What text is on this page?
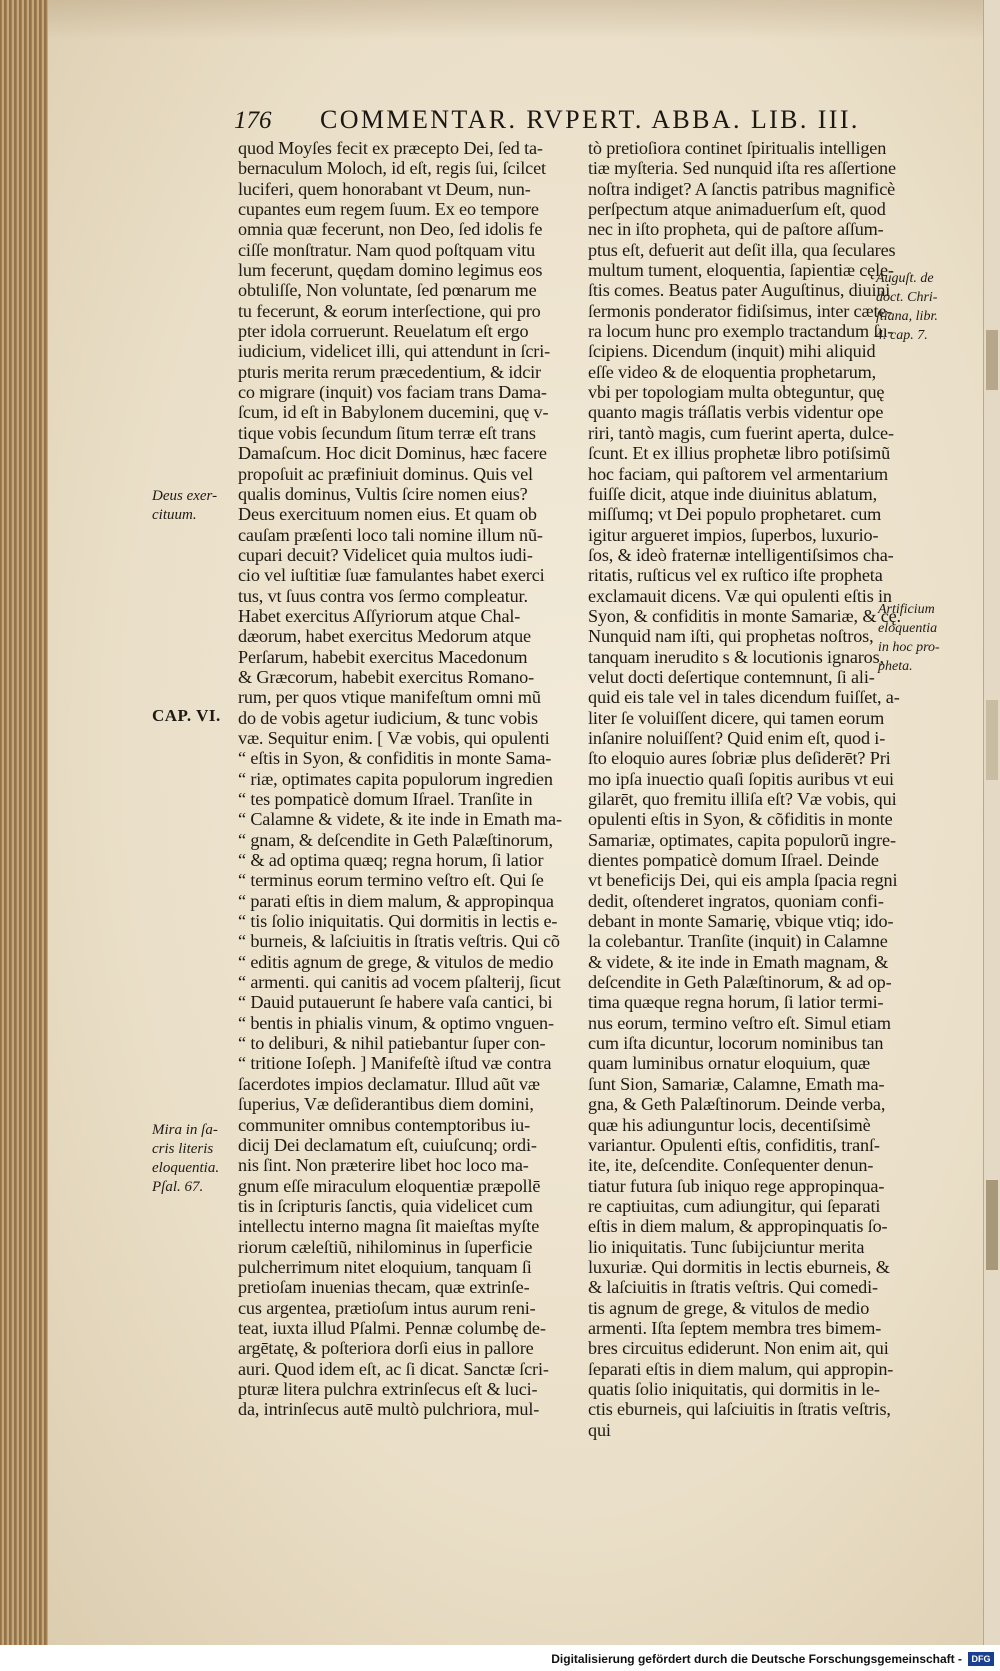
176 COMMENTAR. RVPERT. ABBA. LIB. III.
quod Moyſes fecit ex præcepto Dei, ſed ta-
bernaculum Moloch, id eſt, regis ſui, ſcilcet
luciferi, quem honorabant vt Deum, nun-
cupantes eum regem ſuum. Ex eo tempore
omnia quæ fecerunt, non Deo, ſed idolis fe
ciſſe monſtratur. Nam quod poſtquam vitu
lum fecerunt, quędam domino legimus eos
obtuliſſe, Non voluntate, ſed pœnarum me
tu fecerunt, & eorum interſectione, qui pro
pter idola corruerunt. Reuelatum eſt ergo
iudicium, videlicet illi, qui attendunt in ſcri-
pturis merita rerum præcedentium, & idcir
co migrare (inquit) vos faciam trans Dama-
ſcum, id eſt in Babylonem ducemini, quę v-
tique vobis ſecundum ſitum terræ eſt trans
Damaſcum. Hoc dicit Dominus, hæc facere
propoſuit ac præfiniuit dominus. Quis vel
qualis dominus, Vultis ſcire nomen eius?
Deus exercituum nomen eius. Et quam ob
cauſam præſenti loco tali nomine illum nũ-
cupari decuit? Videlicet quia multos iudi-
cio vel iuſtitiæ ſuæ famulantes habet exerci
tus, vt ſuus contra vos ſermo compleatur.
Habet exercitus Aſſyriorum atque Chal-
dæorum, habet exercitus Medorum atque
Perſarum, habebit exercitus Macedonum
& Græcorum, habebit exercitus Romano-
rum, per quos vtique manifeſtum omni mũ
do de vobis agetur iudicium, & tunc vobis
væ. Sequitur enim. [ Væ vobis, qui opulenti
“ eſtis in Syon, & confiditis in monte Sama-
“ riæ, optimates capita populorum ingredien
“ tes pompaticè domum Iſrael. Tranſite in
“ Calamne & videte, & ite inde in Emath ma-
“ gnam, & deſcendite in Geth Palæſtinorum,
“ & ad optima quæq; regna horum, ſi latior
“ terminus eorum termino veſtro eſt. Qui ſe
“ parati eſtis in diem malum, & appropinqua
“ tis ſolio iniquitatis. Qui dormitis in lectis e-
“ burneis, & laſciuitis in ſtratis veſtris. Qui cõ
“ editis agnum de grege, & vitulos de medio
“ armenti. qui canitis ad vocem pſalterij, ſicut
“ Dauid putauerunt ſe habere vaſa cantici, bi
“ bentis in phialis vinum, & optimo vnguen-
“ to deliburi, & nihil patiebantur ſuper con-
“ tritione Ioſeph. ] Manifeſtè iſtud væ contra
ſacerdotes impios declamatur. Illud aũt væ
ſuperius, Væ deſiderantibus diem domini,
communiter omnibus contemptoribus iu-
dicij Dei declamatum eſt, cuiuſcunq; ordi-
nis ſint. Non præterire libet hoc loco ma-
gnum eſſe miraculum eloquentiæ præpollē
tis in ſcripturis ſanctis, quia videlicet cum
intellectu interno magna ſit maieſtas myſte
riorum cæleſtiũ, nihilominus in ſuperficie
pulcherrimum nitet eloquium, tanquam ſi
pretioſam inuenias thecam, quæ extrinſe-
cus argentea, prætioſum intus aurum reni-
teat, iuxta illud Pſalmi. Pennæ columbę de-
argētatę, & poſteriora dorſi eius in pallore
auri. Quod idem eſt, ac ſi dicat. Sanctæ ſcri-
pturæ litera pulchra extrinſecus eſt & luci-
da, intrinſecus autē multò pulchriora, mul-
tò pretioſiora continet ſpiritualis intelligen
tiæ myſteria. Sed nunquid iſta res aſſertione
noſtra indiget? A ſanctis patribus magnificè
perſpectum atque animaduerſum eſt, quod
nec in iſto propheta, qui de paſtore aſſum-
ptus eſt, defuerit aut deſit illa, qua ſeculares
multum tument, eloquentia, ſapientiæ cęle-
ſtis comes. Beatus pater Auguſtinus, diuini
ſermonis ponderator fidiſsimus, inter cæte-
ra locum hunc pro exemplo tractandum ſu-
ſcipiens. Dicendum (inquit) mihi aliquid
eſſe video & de eloquentia prophetarum,
vbi per topologiam multa obteguntur, quę
quanto magis tráſlatis verbis videntur ope
riri, tantò magis, cum fuerint aperta, dulce-
ſcunt. Et ex illius prophetæ libro potiſsimũ
hoc faciam, qui paſtorem vel armentarium
fuiſſe dicit, atque inde diuinitus ablatum,
miſſumq; vt Dei populo prophetaret. cum
igitur argueret impios, ſuperbos, luxurio-
ſos, & ideò fraternæ intelligentiſsimos cha-
ritatis, ruſticus vel ex ruſtico iſte propheta
exclamauit dicens. Væ qui opulenti eſtis in
Syon, & confiditis in monte Samariæ, & cę.
Nunquid nam iſti, qui prophetas noſtros,
tanquam inerudito s & locutionis ignaros,
velut docti deſertique contemnunt, ſi ali-
quid eis tale vel in tales dicendum fuiſſet, a-
liter ſe voluiſſent dicere, qui tamen eorum
inſanire noluiſſent? Quid enim eſt, quod i-
ſto eloquio aures ſobriæ plus deſiderēt? Pri
mo ipſa inuectio quaſi ſopitis auribus vt eui
gilarēt, quo fremitu illiſa eſt? Væ vobis, qui
opulenti eſtis in Syon, & cõfiditis in monte
Samariæ, optimates, capita populorũ ingre-
dientes pompaticè domum Iſrael. Deinde
vt beneficijs Dei, qui eis ampla ſpacia regni
dedit, oſtenderet ingratos, quoniam confi-
debant in monte Samarię, vbique vtiq; ido-
la colebantur. Tranſite (inquit) in Calamne
& videte, & ite inde in Emath magnam, &
deſcendite in Geth Palæſtinorum, & ad op-
tima quæque regna horum, ſi latior termi-
nus eorum, termino veſtro eſt. Simul etiam
cum iſta dicuntur, locorum nominibus tan
quam luminibus ornatur eloquium, quæ
ſunt Sion, Samariæ, Calamne, Emath ma-
gna, & Geth Palæſtinorum. Deinde verba,
quæ his adiunguntur locis, decentiſsimè
variantur. Opulenti eſtis, confiditis, tranſ-
ite, ite, deſcendite. Conſequenter denun-
tiatur futura ſub iniquo rege appropinqua-
re captiuitas, cum adiungitur, qui ſeparati
eſtis in diem malum, & appropinquatis ſo-
lio iniquitatis. Tunc ſubijciuntur merita
luxuriæ. Qui dormitis in lectis eburneis, &
& laſciuitis in ſtratis veſtris. Qui comedi-
tis agnum de grege, & vitulos de medio
armenti. Iſta ſeptem membra tres bimem-
bres circuitus ediderunt. Non enim ait, qui
ſeparati eſtis in diem malum, qui appropin-
quatis ſolio iniquitatis, qui dormitis in le-
ctis eburneis, qui laſciuitis in ſtratis veſtris,
qui
Deus exer-
cituum.
CAP. VI.
Mira in ſa-
cris literis
eloquentia.
Pſal. 67.
Auguſt. de
doct. Chri-
ſtiana, libr.
4. cap. 7.
Artificium
eloquentia
in hoc pro-
pheta.
Digitalisierung gefördert durch die Deutsche Forschungsgemeinschaft -	DFG
